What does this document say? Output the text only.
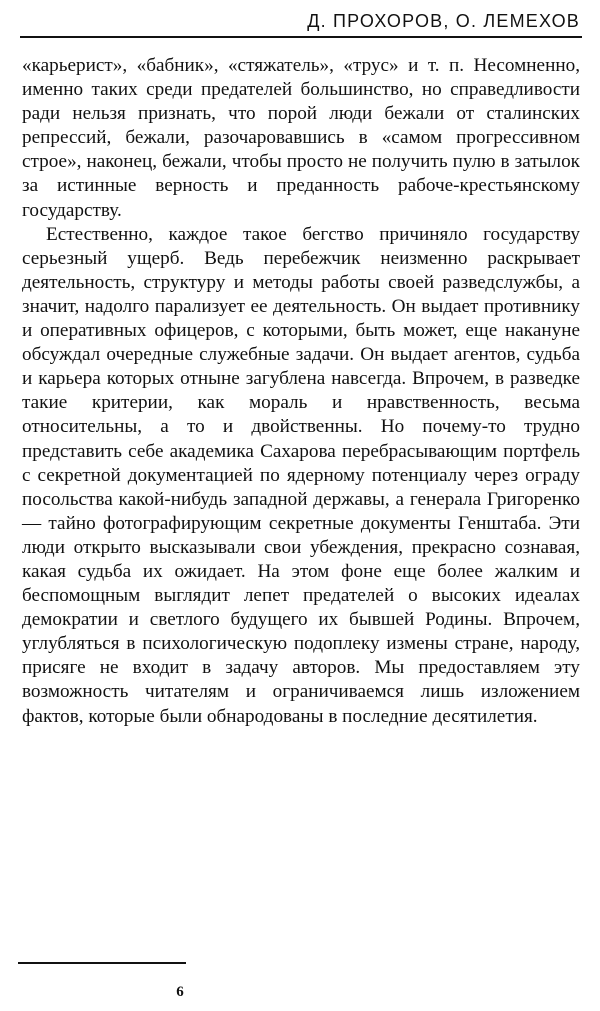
Д. ПРОХОРОВ, О. ЛЕМЕХОВ

«карьерист», «бабник», «стяжатель», «трус» и т. п. Несомненно, именно таких среди предателей большинство, но справедливости ради нельзя признать, что порой люди бежали от сталинских репрессий, бежали, разочаровавшись в «самом прогрессивном строе», наконец, бежали, чтобы просто не получить пулю в затылок за истинные верность и преданность рабоче-крестьянскому государству.

Естественно, каждое такое бегство причиняло государству серьезный ущерб. Ведь перебежчик неизменно раскрывает деятельность, структуру и методы работы своей разведслужбы, а значит, надолго парализует ее деятельность. Он выдает противнику и оперативных офицеров, с которыми, быть может, еще накануне обсуждал очередные служебные задачи. Он выдает агентов, судьба и карьера которых отныне загублена навсегда. Впрочем, в разведке такие критерии, как мораль и нравственность, весьма относительны, а то и двойственны. Но почему-то трудно представить себе академика Сахарова перебрасывающим портфель с секретной документацией по ядерному потенциалу через ограду посольства какой-нибудь западной державы, а генерала Григоренко — тайно фотографирующим секретные документы Генштаба. Эти люди открыто высказывали свои убеждения, прекрасно сознавая, какая судьба их ожидает. На этом фоне еще более жалким и беспомощным выглядит лепет предателей о высоких идеалах демократии и светлого будущего их бывшей Родины. Впрочем, углубляться в психологическую подоплеку измены стране, народу, присяге не входит в задачу авторов. Мы предоставляем эту возможность читателям и ограничиваемся лишь изложением фактов, которые были обнародованы в последние десятилетия.

6
